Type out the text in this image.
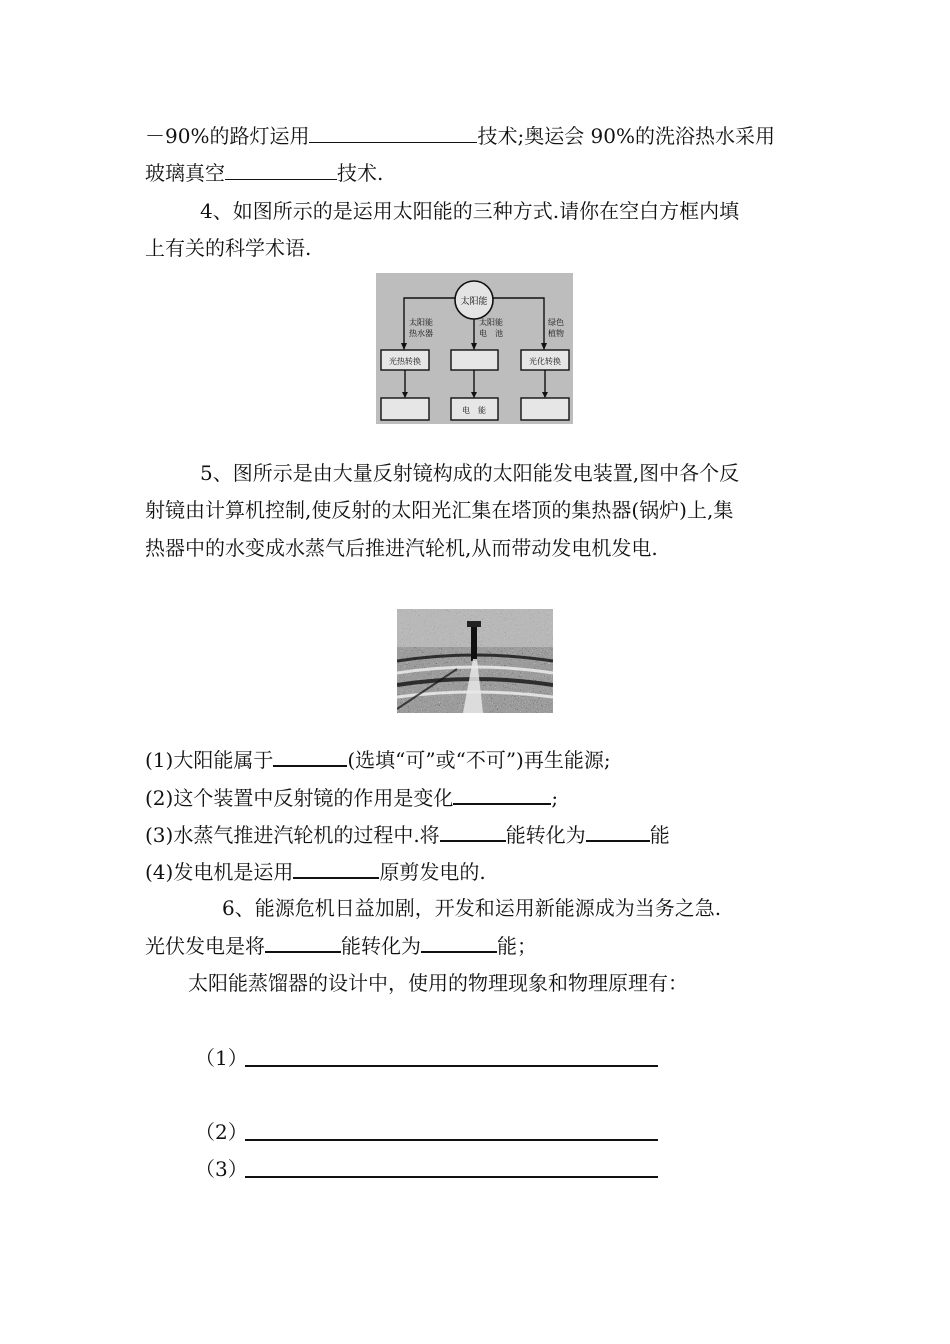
－90%的路灯运用	技术;奥运会 90%的洗浴热水采用
玻璃真空	技术.
4、如图所示的是运用太阳能的三种方式.请你在空白方框内填
上有关的科学术语.
太阳能
太阳能
热水器
太阳能
电　池
绿色
植物
光热转换	光化转换
电　能
5、图所示是由大量反射镜构成的太阳能发电装置,图中各个反
射镜由计算机控制,使反射的太阳光汇集在塔顶的集热器(锅炉)上,集
热器中的水变成水蒸气后推进汽轮机,从而带动发电机发电.
(1)大阳能属于	(选填“可”或“不可”)再生能源;
(2)这个装置中反射镜的作用是变化	;
(3)水蒸气推进汽轮机的过程中.将	能转化为	能
(4)发电机是运用	原剪发电的.
6、能源危机日益加剧，开发和运用新能源成为当务之急.
光伏发电是将	能转化为	能；
太阳能蒸馏器的设计中，使用的物理现象和物理原理有：
（1）
（2）
（3）
